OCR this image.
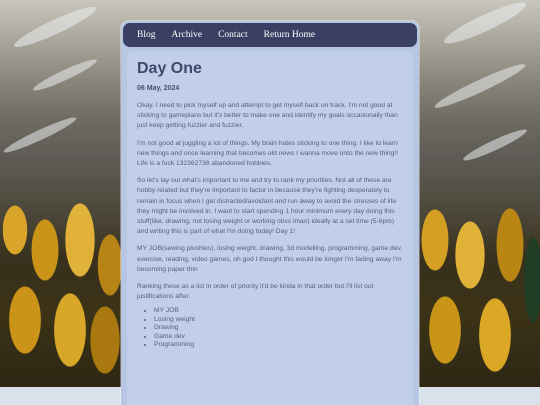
Blog Archive Contact Return Home
Day One
06 May, 2024

Okay. I need to pick myself up and attempt to get myself back on track. I'm not good at sticking to gameplans but it's better to make one and identify my goals occasionally than just keep getting fuzzier and fuzzier.

I'm not good at juggling a lot of things. My brain hates sticking to one thing. I like to learn new things and once learning that becomes old news I wanna move onto the new thing!! Life is a fuck 132362738 abandoned hobbies.

So let's lay out what's important to me and try to rank my priorities. Not all of these are hobby related but they're important to factor in because they're fighting desperately to remain in focus when I get distracted/avoidant and run away to avoid the stresses of life they might be involved in. I want to start spending 1 hour minimum every day doing this stuff(like, drawing, not losing weight or working obvs lmao) ideally at a set time (5-6pm) and writing this is part of what I'm doing today! Day 1!

MY JOB(sewing plushies), losing weight, drawing, 3d modelling, programming, game dev, exercise, reading, video games, oh god I thought this would be longer I'm fading away I'm becoming paper thin

Ranking these as a list in order of priority it'd be kinda in that order but I'll list out justifications after.

• MY JOB
• Losing weight
• Drawing
• Game dev
• Programming
